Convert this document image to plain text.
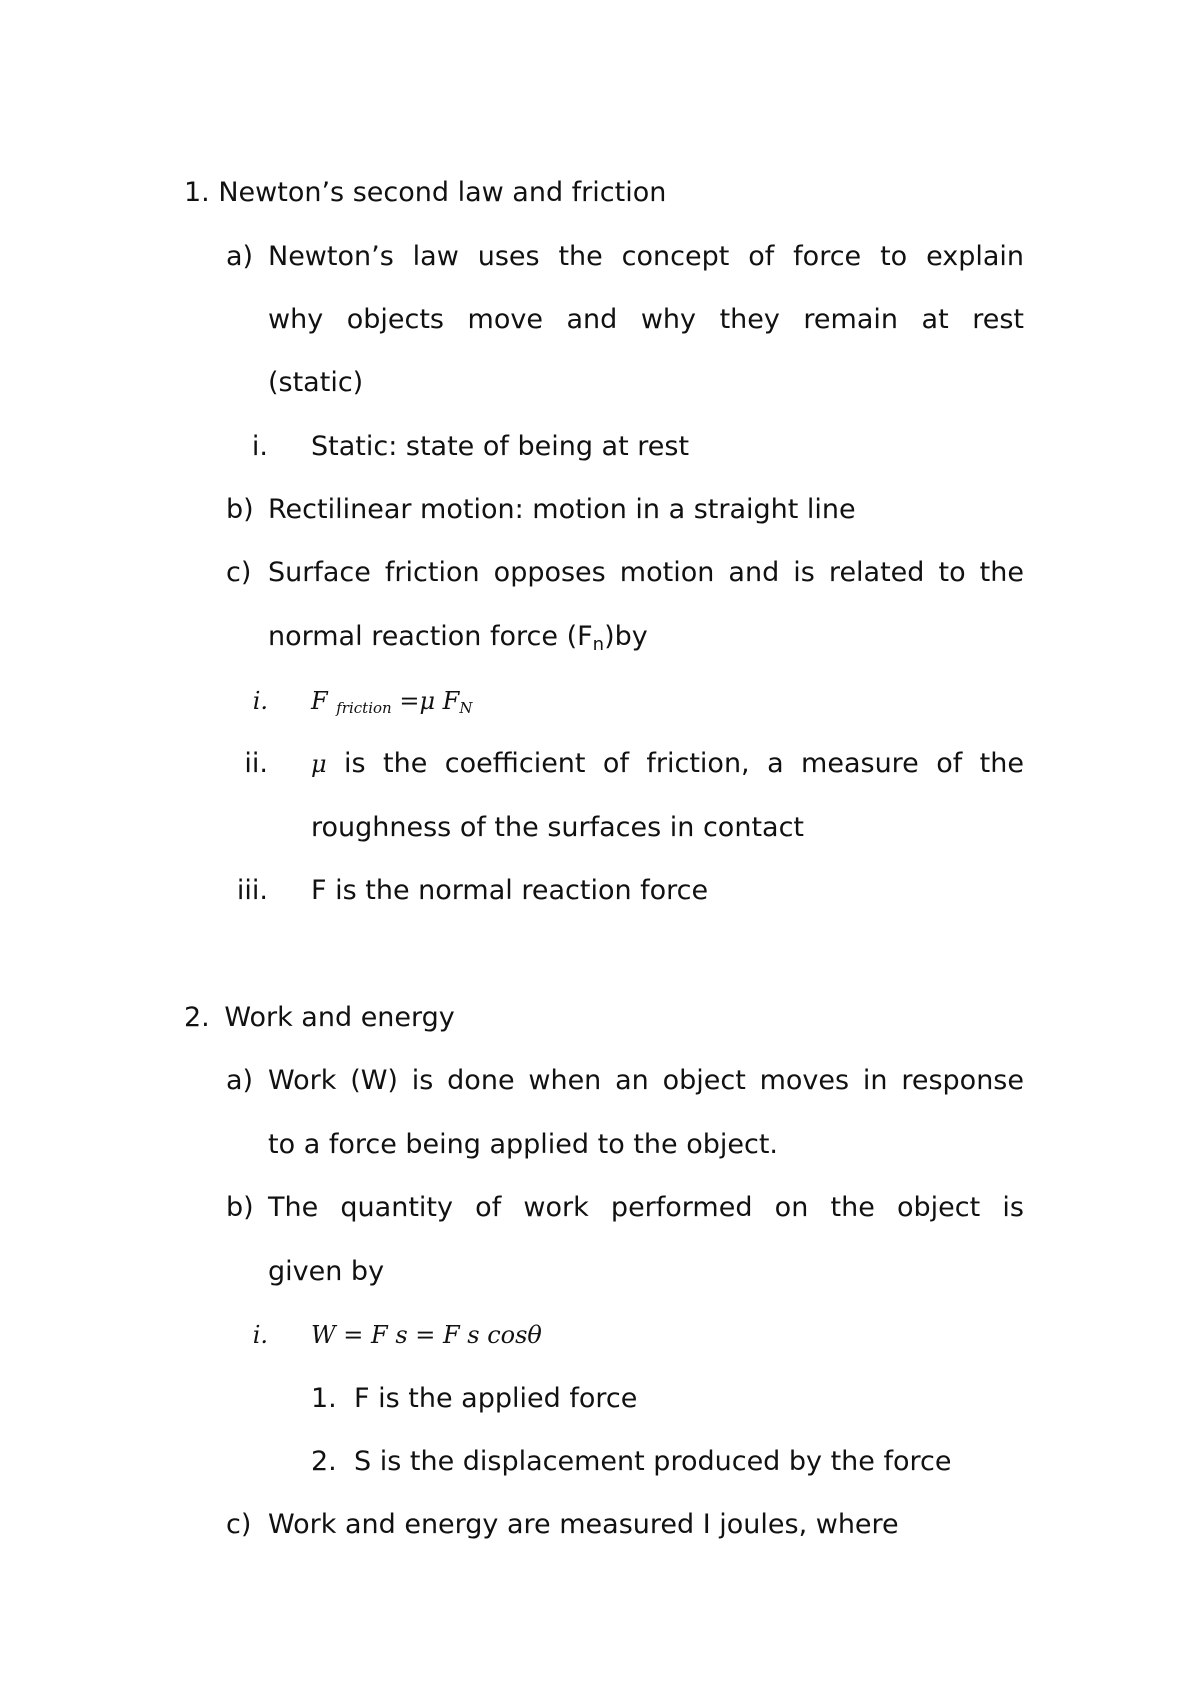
1. Newton’s second law and friction
a) Newton’s law uses the concept of force to explain
why objects move and why they remain at rest
(static)
i. Static: state of being at rest
b) Rectilinear motion: motion in a straight line
c) Surface friction opposes motion and is related to the
normal reaction force (Fn)by
i. F friction =μ FN
ii. μ is the coefficient of friction, a measure of the
roughness of the surfaces in contact
iii. F is the normal reaction force
2. Work and energy
a) Work (W) is done when an object moves in response
to a force being applied to the object.
b) The quantity of work performed on the object is
given by
i. W = F s = F s cosθ
1. F is the applied force
2. S is the displacement produced by the force
c) Work and energy are measured I joules, where
